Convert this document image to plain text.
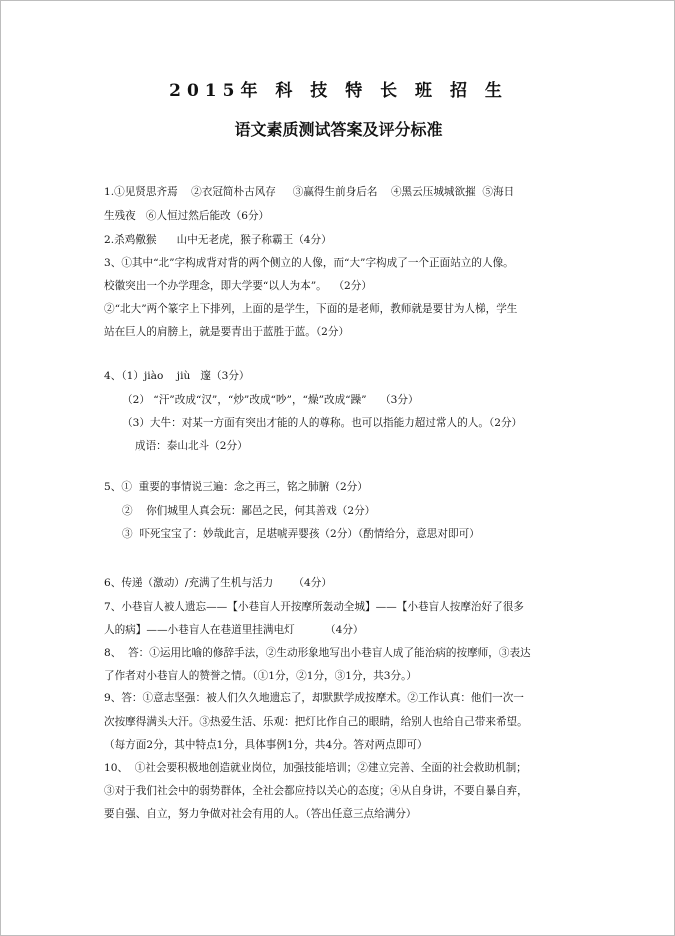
2015年 科 技 特 长 班 招 生
语文素质测试答案及评分标准
1.①见贤思齐焉    ②衣冠简朴古风存     ③赢得生前身后名    ④黑云压城城欲摧  ⑤海日
生残夜   ⑥人恒过然后能改（6分）
2.杀鸡儆猴      山中无老虎，猴子称霸王（4分）
3、①其中“北”字构成背对背的两个侧立的人像，而“大”字构成了一个正面站立的人像。
校徽突出一个办学理念，即大学要“以人为本”。  （2分）
②“北大”两个篆字上下排列，上面的是学生，下面的是老师，教师就是要甘为人梯，学生
站在巨人的肩膀上，就是要青出于蓝胜于蓝。（2分）
4、（1）jiào    jiù   邃（3分）
（2） “汗”改成“汉”，“炒”改成“吵”，“燥”改成“躁”    （3分）
（3）大牛：对某一方面有突出才能的人的尊称。也可以指能力超过常人的人。（2分）
成语：泰山北斗（2分）
5、①  重要的事情说三遍：念之再三，铭之肺腑（2分）
②    你们城里人真会玩：鄙邑之民，何其善戏（2分）
③  吓死宝宝了：妙哉此言，足堪唬弄婴孩（2分）（酌情给分，意思对即可）
6、传递（激动）/充满了生机与活力      （4分）
7、小巷盲人被人遗忘——【小巷盲人开按摩所轰动全城】——【小巷盲人按摩治好了很多
人的病】——小巷盲人在巷道里挂满电灯         （4分）
8、  答：①运用比喻的修辞手法，②生动形象地写出小巷盲人成了能治病的按摩师，③表达
了作者对小巷盲人的赞誉之情。（①1分，②1分，③1分，共3分。）
9、答：①意志坚强：被人们久久地遗忘了，却默默学成按摩术。②工作认真：他们一次一
次按摩得满头大汗。③热爱生活、乐观：把灯比作自己的眼睛，给别人也给自己带来希望。
（每方面2分，其中特点1分，具体事例1分，共4分。答对两点即可）
10、  ①社会要积极地创造就业岗位，加强技能培训；②建立完善、全面的社会救助机制；
③对于我们社会中的弱势群体，全社会都应持以关心的态度；④从自身讲，不要自暴自弃，
要自强、自立，努力争做对社会有用的人。（答出任意三点给满分）
